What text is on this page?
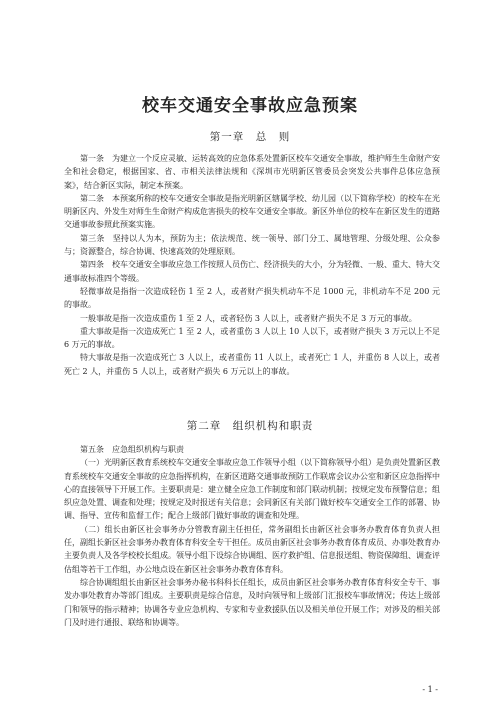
校车交通安全事故应急预案
第一章　总　则

第一条　为建立一个反应灵敏、运转高效的应急体系处置新区校车交通安全事故，维护师生生命财产安全和社会稳定，根据国家、省、市相关法律法规和《深圳市光明新区管委员会突发公共事件总体应急预案》，结合新区实际，制定本预案。

第二条　本预案所称的校车交通安全事故是指光明新区辖属学校、幼儿园（以下简称学校）的校车在光明新区内、外发生对师生生命财产构成危害损失的校车交通安全事故。新区外单位的校车在新区发生的道路交通事故参照此预案实施。

第三条　坚持以人为本，预防为主；依法规范、统一领导、部门分工、属地管理、分级处理、公众参与；资源整合，综合协调、快速高效的处理原则。

第四条　校车交通安全事故应急工作按照人员伤亡、经济损失的大小，分为轻微、一般、重大、特大交通事故标准四个等级。

轻微事故是指指一次造成轻伤 1 至 2 人，或者财产损失机动车不足 1000 元，非机动车不足 200 元的事故。

一般事故是指一次造成重伤 1 至 2 人，或者轻伤 3 人以上，或者财产损失不足 3 万元的事故。

重大事故是指一次造成死亡 1 至 2 人，或者重伤 3 人以上 10 人以下，或者财产损失 3 万元以上不足 6 万元的事故。

特大事故是指一次造成死亡 3 人以上，或者重伤 11 人以上，或者死亡 1 人，并重伤 8 人以上，或者死亡 2 人，并重伤 5 人以上，或者财产损失 6 万元以上的事故。

第二章　组织机构和职责

第五条　应急组织机构与职责

（一）光明新区教育系统校车交通安全事故应急工作领导小组（以下简称领导小组）是负责处置新区教育系统校车交通安全事故的应急指挥机构，在新区道路交通事故预防工作联席会议办公室和新区应急指挥中心的直接领导下开展工作。主要职责是：建立健全应急工作制度和部门联动机制；按规定发布预警信息；组织应急处置、调查和处理；按规定及时报送有关信息；会同新区有关部门做好校车交通安全工作的部署、协调、指导、宣传和监督工作；配合上级部门做好事故的调查和处理。

（二）组长由新区社会事务办分管教育副主任担任，常务副组长由新区社会事务办教育体育负责人担任，副组长新区社会事务办教育体育科安全专干担任。成员由新区社会事务办教育体育成员、办事处教育办主要负责人及各学校校长组成。领导小组下设综合协调组、医疗救护组、信息报送组、物资保障组、调查评估组等若干工作组，办公地点设在新区社会事务办教育体育科。

综合协调组组长由新区社会事务办秘书科科长任组长，成员由新区社会事务办教育体育科安全专干、事发办事处教育办等部门组成。主要职责是综合信息，及时向领导和上级部门汇报校车事故情况；传达上级部门和领导的指示精神；协调各专业应急机构、专家和专业救援队伍以及相关单位开展工作；对涉及的相关部门及时进行通报、联络和协调等。

- 1 -
